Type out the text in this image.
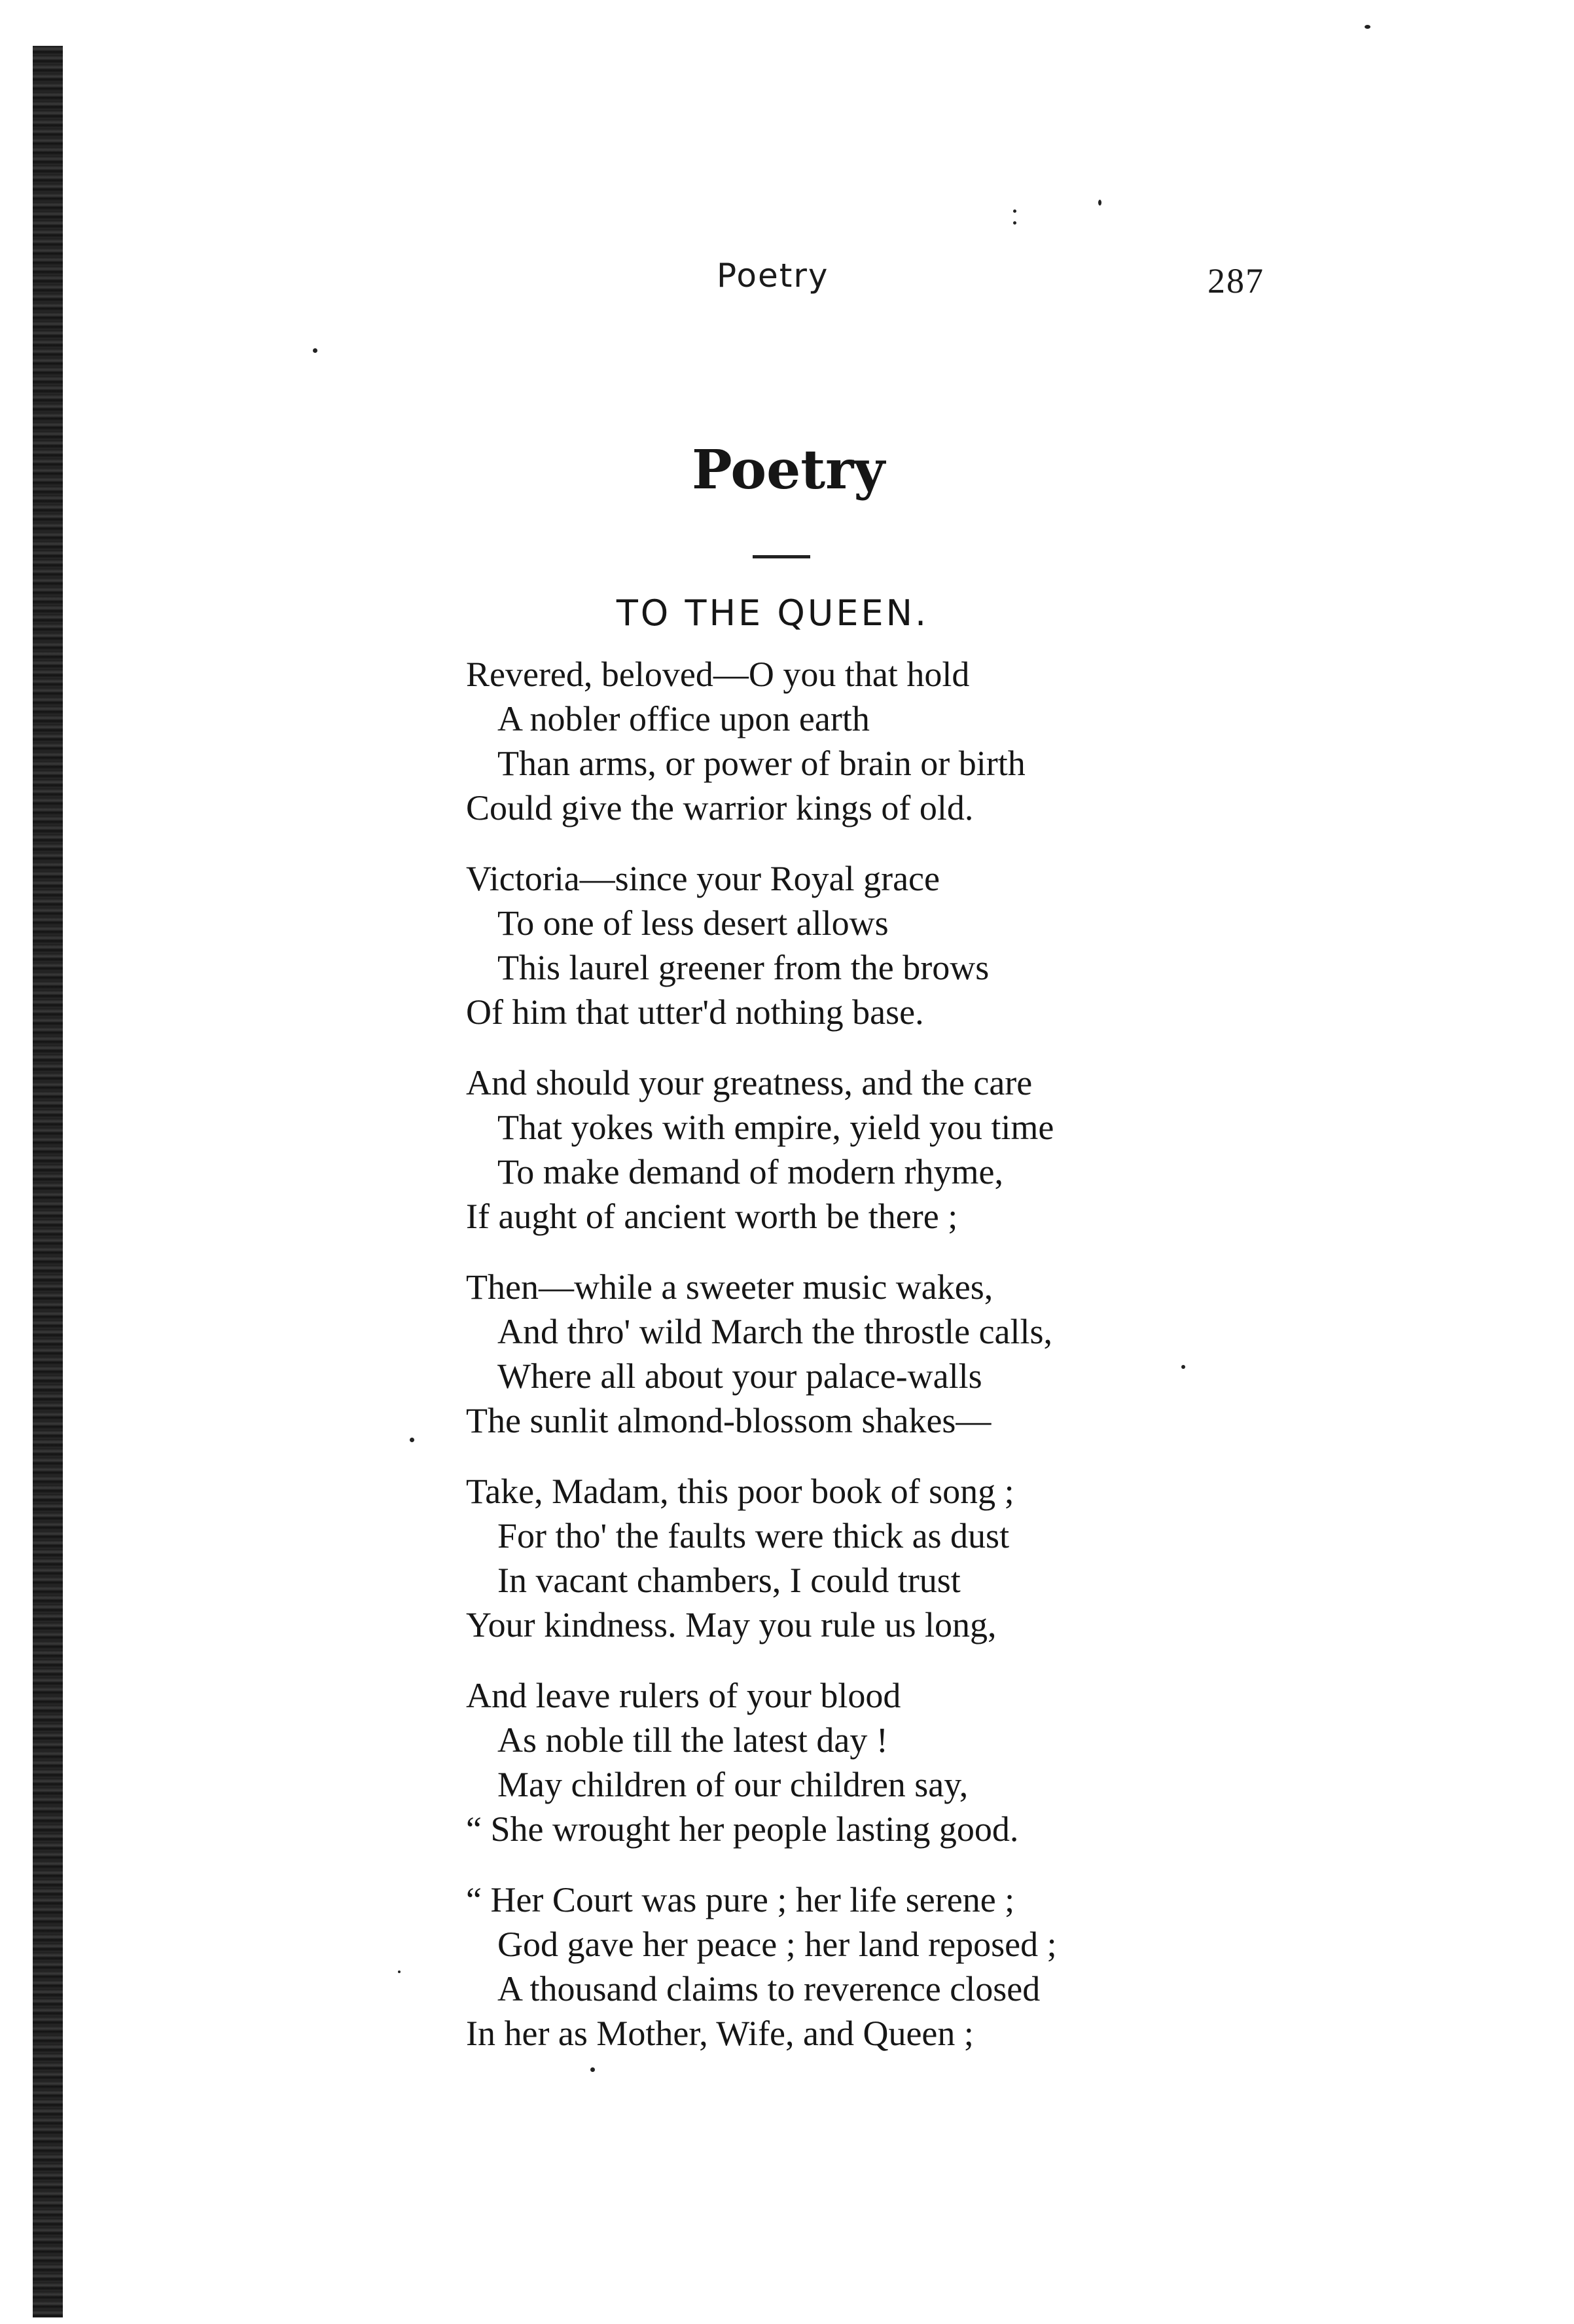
Poetry	287
Poetry
TO THE QUEEN.
Revered, beloved—O you that hold
A nobler office upon earth
Than arms, or power of brain or birth
Could give the warrior kings of old.
Victoria—since your Royal grace
To one of less desert allows
This laurel greener from the brows
Of him that utter'd nothing base.
And should your greatness, and the care
That yokes with empire, yield you time
To make demand of modern rhyme,
If aught of ancient worth be there ;
Then—while a sweeter music wakes,
And thro' wild March the throstle calls,
Where all about your palace-walls
The sunlit almond-blossom shakes—
Take, Madam, this poor book of song ;
For tho' the faults were thick as dust
In vacant chambers, I could trust
Your kindness. May you rule us long,
And leave rulers of your blood
As noble till the latest day !
May children of our children say,
“ She wrought her people lasting good.
“ Her Court was pure ; her life serene ;
God gave her peace ; her land reposed ;
A thousand claims to reverence closed
In her as Mother, Wife, and Queen ;
